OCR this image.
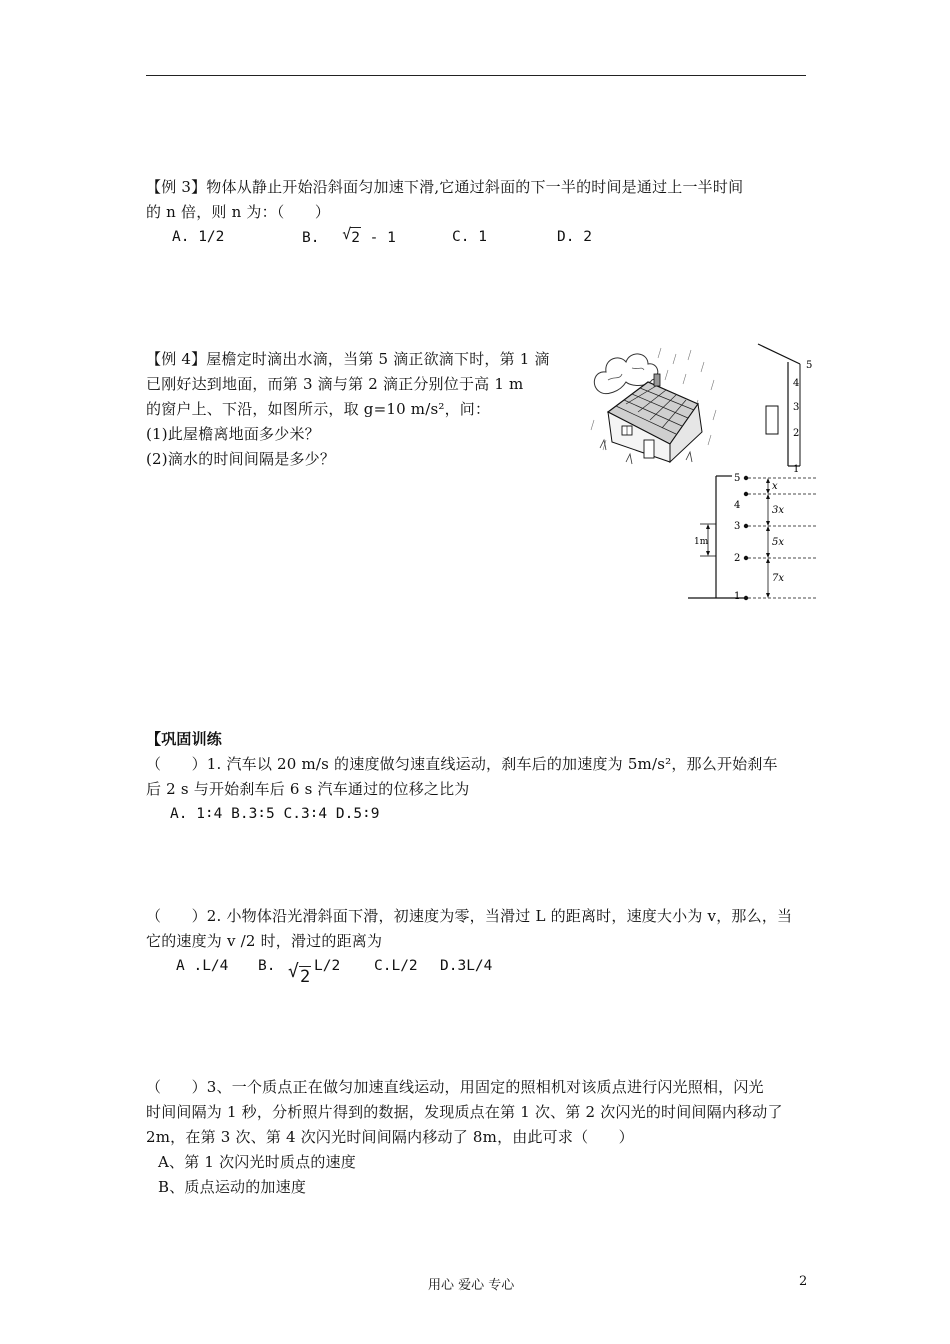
【例 3】物体从静止开始沿斜面匀加速下滑,它通过斜面的下一半的时间是通过上一半时间
的 n 倍，则 n 为：（　　）
A. 1/2	B. √ 2 - 1	C. 1	D. 2
【例 4】屋檐定时滴出水滴，当第 5 滴正欲滴下时，第 1 滴
已刚好达到地面，而第 3 滴与第 2 滴正分别位于高 1 m
的窗户上、下沿，如图所示，取 g=10 m/s²，问：
(1)此屋檐离地面多少米？
(2)滴水的时间间隔是多少？
5
4
3
2
1
1m
5
4
3
2
1
x
3x
5x
7x
【巩固训练
（　　）1. 汽车以 20 m/s 的速度做匀速直线运动，刹车后的加速度为 5m/s²，那么开始刹车
后 2 s 与开始刹车后 6 s 汽车通过的位移之比为
A. 1∶4 B.3∶5 C.3∶4 D.5∶9
（　　）2. 小物体沿光滑斜面下滑，初速度为零，当滑过 L 的距离时，速度大小为 v，那么，当
它的速度为 v /2 时，滑过的距离为
A .L/4 B. √ 2
L/2 C.L/2 D.3L/4
（　　）3、一个质点正在做匀加速直线运动，用固定的照相机对该质点进行闪光照相，闪光
时间间隔为 1 秒，分析照片得到的数据，发现质点在第 1 次、第 2 次闪光的时间间隔内移动了
2m，在第 3 次、第 4 次闪光时间间隔内移动了 8m，由此可求（　　）
A、第 1 次闪光时质点的速度
B、质点运动的加速度
用心 爱心 专心	2
